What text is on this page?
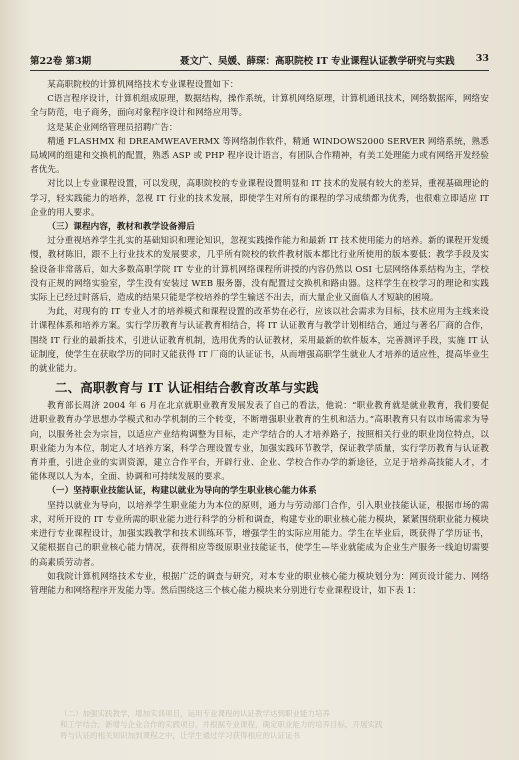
第22卷 第3期	聂文广、吴媛、薛琛：高职院校 IT 专业课程认证教学研究与实践 33

某高职院校的计算机网络技术专业课程设置如下：

C语言程序设计，计算机组成原理，数据结构，操作系统，计算机网络原理，计算机通讯技术，网络数据库，网络安全与防范，电子商务，面向对象程序设计和网络应用等。

这是某企业网络管理员招聘广告：

精通 FLASHMX 和 DREAMWEAVERMX 等网络制作软件，精通 WINDOWS2000 SERVER 网络系统，熟悉局域网的组建和交换机的配置，熟悉 ASP 或 PHP 程序设计语言，有团队合作精神，有美工处理能力或有网络开发经验者优先。

对比以上专业课程设置，可以发现，高职院校的专业课程设置明显和 IT 技术的发展有较大的差异，重视基础理论的学习，轻实践能力的培养，忽视 IT 行业的技术发展，即使学生对所有的课程的学习成绩都为优秀，也很难立即适应 IT 企业的用人要求。

（三）课程内容，教材和教学设备滞后

过分重视培养学生扎实的基础知识和理论知识，忽视实践操作能力和最新 IT 技术使用能力的培养。新的课程开发缓慢，教材陈旧，跟不上行业技术的发展要求，几乎所有院校的软件教材版本都比行业所使用的版本要低；教学手段及实验设备非常落后，如大多数高职学院 IT 专业的计算机网络课程所讲授的内容仍然以 OSI 七层网络体系结构为主，学校没有正规的网络实验室，学生没有安装过 WEB 服务器，没有配置过交换机和路由器。这样学生在校学习的理论和实践实际上已经过时落后，造成的结果只能是学校培养的学生输送不出去，而大量企业又面临人才短缺的困境。

为此，对现有的 IT 专业人才的培养模式和课程设置的改革势在必行，应该以社会需求为目标，技术应用为主线来设计课程体系和培养方案。实行学历教育与认证教育相结合，将 IT 认证教育与教学计划相结合，通过与著名厂商的合作，围绕 IT 行业的最新技术，引进认证教育机制，选用优秀的认证教材，采用最新的软件版本，完善测评手段，实施 IT 认证制度，使学生在获取学历的同时又能获得 IT 厂商的认证证书，从而增强高职学生就业人才培养的适应性，提高毕业生的就业能力。

二、高职教育与 IT 认证相结合教育改革与实践

教育部长周济 2004 年 6 月在北京就职业教育发展发表了自己的看法，他说：“职业教育就是就业教育，我们要促进职业教育办学思想办学模式和办学机制的三个转变，不断增强职业教育的生机和活力。”高职教育只有以市场需求为导向，以服务社会为宗旨，以适应产业结构调整为目标，走产学结合的人才培养路子，按照相关行业的职业岗位特点，以职业能力为本位，制定人才培养方案，科学合理设置专业，加强实践环节教学，保证教学质量，实行学历教育与认证教育并重，引进企业的实训资源，建立合作平台，开辟行业、企业、学校合作办学的新途径，立足于培养高技能人才，才能体现以人为本，全面、协调和可持续发展的要求。

（一）坚持职业技能认证，构建以就业为导向的学生职业核心能力体系

坚持以就业为导向，以培养学生职业能力为本位的原则，通力与劳动部门合作，引入职业技能认证，根据市场的需求，对所开设的 IT 专业所需的职业能力进行科学的分析和调查，构建专业的职业核心能力模块，紧紧围绕职业能力模块来进行专业课程设计，加强实践教学和技术训练环节，增强学生的实际应用能力。学生在毕业后，既获得了学历证书，又能根据自己的职业核心能力情况，获得相应等级原职业技能证书，使学生—毕业就能成为企业生产服务一线迫切需要的高素质劳动者。

如我院计算机网络技术专业，根据广泛的调查与研究，对本专业的职业核心能力模块划分为：网页设计能力、网络管理能力和网络程序开发能力等。然后围绕这三个核心能力模块来分别进行专业课程设计，如下表 1：

（二）加强实践教学，增加实训项目，运用专业课程的认证教学达到职业能力培养
和工学结合，新增与企业合作的实践项目，并根据专业课程，确定职业能力的培养目标，开展实践
将与认证的相关知识加到课程之中，让学生通过学习获得相应的认证证书
